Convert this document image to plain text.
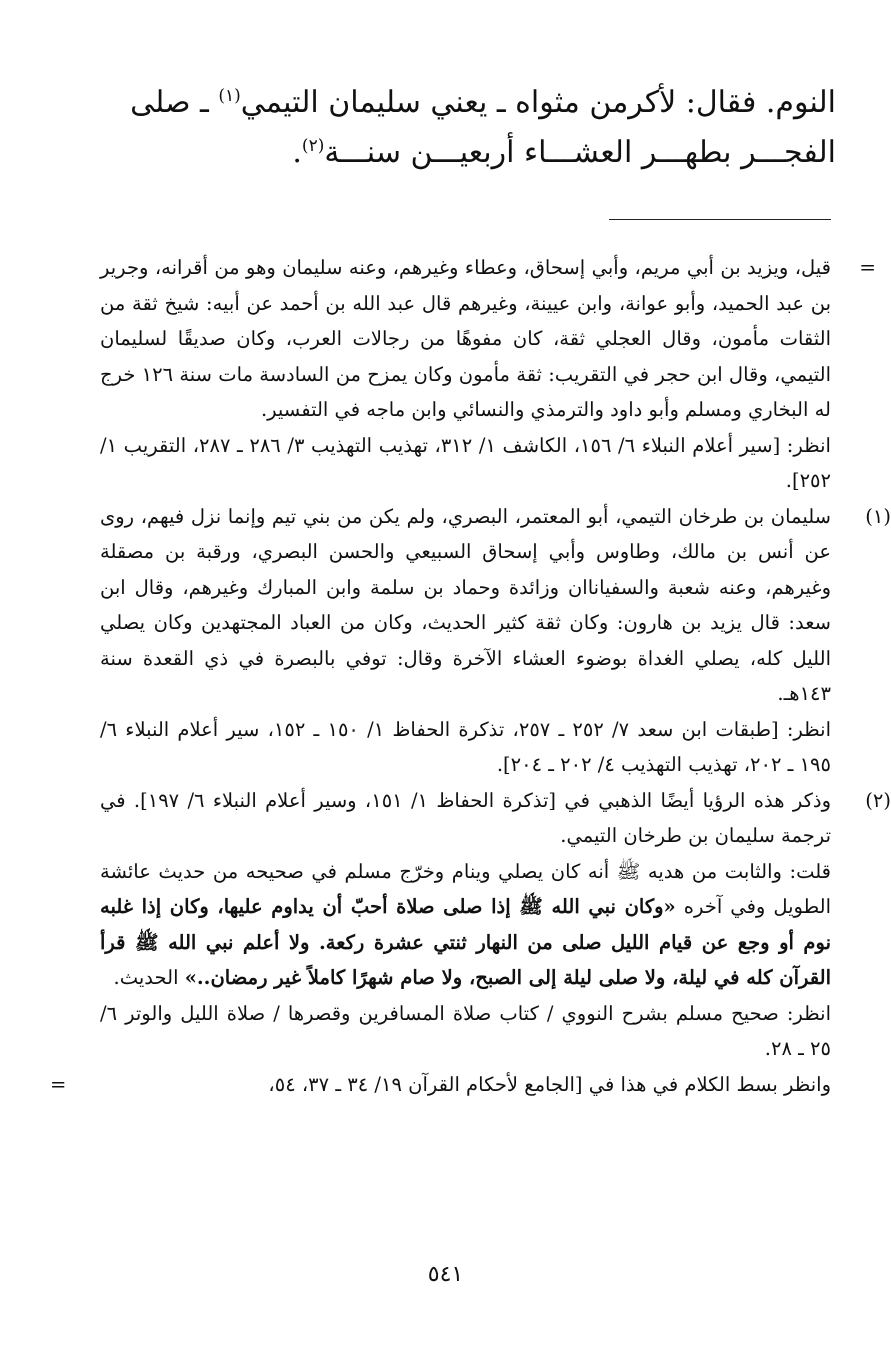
النوم. فقال: لأكرمن مثواه ـ يعني سليمان التيمي$^{(١)}$ ـ صلى
الفجـــر بطهـــر العشـــاء أربعيـــن سنـــة$^{(٢)}$.

=
قيل، ويزيد بن أبي مريم، وأبي إسحاق، وعطاء وغيرهم، وعنه سليمان وهو من أقرانه، وجرير بن عبد الحميد، وأبو عوانة، وابن عيينة، وغيرهم قال عبد الله بن أحمد عن أبيه: شيخ ثقة من الثقات مأمون، وقال العجلي ثقة، كان مفوهًا من رجالات العرب، وكان صديقًا لسليمان التيمي، وقال ابن حجر في التقريب: ثقة مأمون وكان يمزح من السادسة مات سنة ١٢٦ خرج له البخاري ومسلم وأبو داود والترمذي والنسائي وابن ماجه في التفسير.

انظر: [سير أعلام النبلاء ٦/ ١٥٦، الكاشف ١/ ٣١٢، تهذيب التهذيب ٣/ ٢٨٦ ـ ٢٨٧، التقريب ١/ ٢٥٢].

(١)
سليمان بن طرخان التيمي، أبو المعتمر، البصري، ولم يكن من بني تيم وإنما نزل فيهم، روى عن أنس بن مالك، وطاوس وأبي إسحاق السبيعي والحسن البصري، ورقبة بن مصقلة وغيرهم، وعنه شعبة والسفياناان وزائدة وحماد بن سلمة وابن المبارك وغيرهم، وقال ابن سعد: قال يزيد بن هارون: وكان ثقة كثير الحديث، وكان من العباد المجتهدين وكان يصلي الليل كله، يصلي الغداة بوضوء العشاء الآخرة وقال: توفي بالبصرة في ذي القعدة سنة ١٤٣هـ.

انظر: [طبقات ابن سعد ٧/ ٢٥٢ ـ ٢٥٧، تذكرة الحفاظ ١/ ١٥٠ ـ ١٥٢، سير أعلام النبلاء ٦/ ١٩٥ ـ ٢٠٢، تهذيب التهذيب ٤/ ٢٠٢ ـ ٢٠٤].

(٢)
وذكر هذه الرؤيا أيضًا الذهبي في [تذكرة الحفاظ ١/ ١٥١، وسير أعلام النبلاء ٦/ ١٩٧]. في ترجمة سليمان بن طرخان التيمي.

قلت: والثابت من هديه ﷺ أنه كان يصلي وينام وخرّج مسلم في صحيحه من حديث عائشة الطويل وفي آخره «وكان نبي الله ﷺ إذا صلى صلاة أحبّ أن يداوم عليها، وكان إذا غلبه نوم أو وجع عن قيام الليل صلى من النهار ثنتي عشرة ركعة. ولا أعلم نبي الله ﷺ قرأ القرآن كله في ليلة، ولا صلى ليلة إلى الصبح، ولا صام شهرًا كاملاً غير رمضان..» الحديث.

انظر: صحيح مسلم بشرح النووي / كتاب صلاة المسافرين وقصرها / صلاة الليل والوتر ٦/ ٢٥ ـ ٢٨.

وانظر بسط الكلام في هذا في [الجامع لأحكام القرآن ١٩/ ٣٤ ـ ٣٧، ٥٤،
=

٥٤١
